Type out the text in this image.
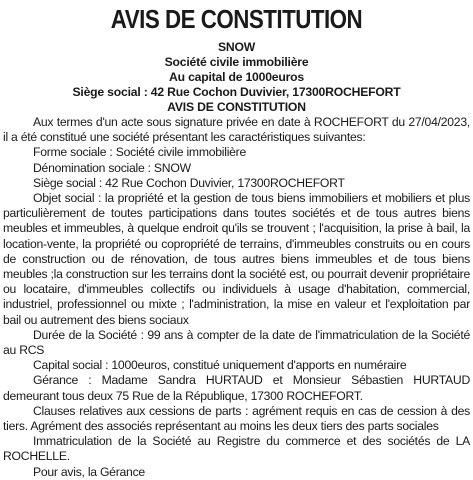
AVIS DE CONSTITUTION
SNOW
Société civile immobilière
Au capital de 1000euros
Siège social : 42 Rue Cochon Duvivier, 17300ROCHEFORT
AVIS DE CONSTITUTION

Aux termes d'un acte sous signature privée en date à ROCHEFORT du 27/04/2023, il a été constitué une société présentant les caractéristiques suivantes:

Forme sociale : Société civile immobilière
Dénomination sociale : SNOW
Siège social : 42 Rue Cochon Duvivier, 17300ROCHEFORT

Objet social : la propriété et la gestion de tous biens immobiliers et mobiliers et plus particulièrement de toutes participations dans toutes sociétés et de tous autres biens meubles et immeubles, à quelque endroit qu'ils se trouvent ; l'acquisition, la prise à bail, la location-vente, la propriété ou copropriété de terrains, d'immeubles construits ou en cours de construction ou de rénovation, de tous autres biens immeubles et de tous biens meubles ;la construction sur les terrains dont la société est, ou pourrait devenir propriétaire ou locataire, d'immeubles collectifs ou individuels à usage d'habitation, commercial, industriel, professionnel ou mixte ; l'administration, la mise en valeur et l'exploitation par bail ou autrement des biens sociaux

Durée de la Société : 99 ans à compter de la date de l'immatriculation de la Société au RCS

Capital social : 1000euros, constitué uniquement d'apports en numéraire

Gérance : Madame Sandra HURTAUD et Monsieur Sébastien HURTAUD demeurant tous deux 75 Rue de la République, 17300 ROCHEFORT.

Clauses relatives aux cessions de parts : agrément requis en cas de cession à des tiers. Agrément des associés représentant au moins les deux tiers des parts sociales

Immatriculation de la Société au Registre du commerce et des sociétés de LA ROCHELLE.

Pour avis, la Gérance
